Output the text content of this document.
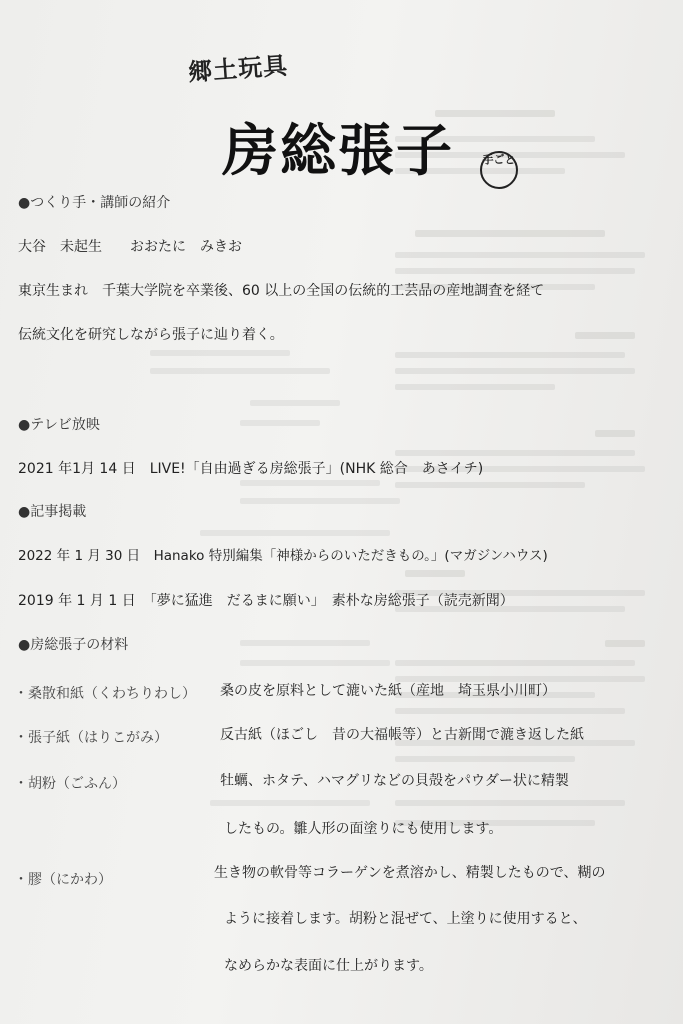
郷土玩具
房総張子	手ごと
●つくり手・講師の紹介
大谷　未起生　　おおたに　みきお
東京生まれ　千葉大学院を卒業後、60 以上の全国の伝統的工芸品の産地調査を経て
伝統文化を研究しながら張子に辿り着く。
●テレビ放映
2021 年1月 14 日　LIVE!「自由過ぎる房総張子」(NHK 総合　あさイチ)
●記事掲載
2022 年 1 月 30 日　Hanako 特別編集「神様からのいただきもの。」(マガジンハウス)
2019 年 1 月 1 日　「夢に猛進　だるまに願い」　素朴な房総張子（読売新聞）
●房総張子の材料
・桑散和紙（くわちりわし） 桑の皮を原料として漉いた紙（産地　埼玉県小川町）
・張子紙（はりこがみ）	反古紙（ほごし　昔の大福帳等）と古新聞で漉き返した紙
・胡粉（ごふん）	牡蠣、ホタテ、ハマグリなどの貝殻をパウダー状に精製
したもの。雛人形の面塗りにも使用します。
・膠（にかわ）	生き物の軟骨等コラーゲンを煮溶かし、精製したもので、糊の
ように接着します。胡粉と混ぜて、上塗りに使用すると、
なめらかな表面に仕上がります。
